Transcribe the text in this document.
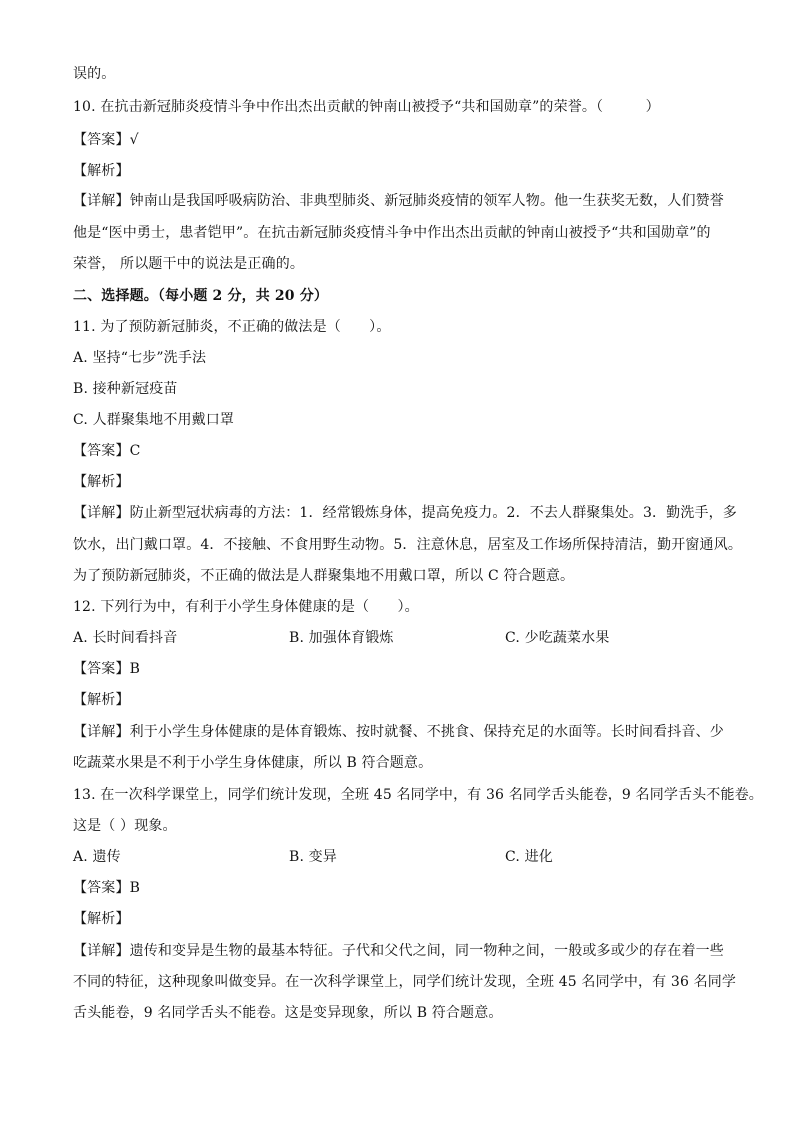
误的。
10. 在抗击新冠肺炎疫情斗争中作出杰出贡献的钟南山被授予“共和国勋章”的荣誉。（　　　）
【答案】√
【解析】
【详解】钟南山是我国呼吸病防治、非典型肺炎、新冠肺炎疫情的领军人物。他一生获奖无数，人们赞誉
他是“医中勇士，患者铠甲”。在抗击新冠肺炎疫情斗争中作出杰出贡献的钟南山被授予“共和国勋章”的
荣誉， 所以题干中的说法是正确的。
二、选择题。（每小题 2 分，共 20 分）
11. 为了预防新冠肺炎，不正确的做法是（　　）。
A. 坚持“七步”洗手法
B. 接种新冠疫苗
C. 人群聚集地不用戴口罩
【答案】C
【解析】
【详解】防止新型冠状病毒的方法：1．经常锻炼身体，提高免疫力。2．不去人群聚集处。3．勤洗手，多
饮水，出门戴口罩。4．不接触、不食用野生动物。5．注意休息，居室及工作场所保持清洁，勤开窗通风。
为了预防新冠肺炎，不正确的做法是人群聚集地不用戴口罩，所以 C 符合题意。
12. 下列行为中，有利于小学生身体健康的是（　　）。
A. 长时间看抖音	B. 加强体育锻炼	C. 少吃蔬菜水果
【答案】B
【解析】
【详解】利于小学生身体健康的是体育锻炼、按时就餐、不挑食、保持充足的水面等。长时间看抖音、少
吃蔬菜水果是不利于小学生身体健康，所以 B 符合题意。
13. 在一次科学课堂上，同学们统计发现，全班 45 名同学中，有 36 名同学舌头能卷，9 名同学舌头不能卷。
这是（ ）现象。
A. 遗传	B. 变异	C. 进化
【答案】B
【解析】
【详解】遗传和变异是生物的最基本特征。子代和父代之间，同一物种之间，一般或多或少的存在着一些
不同的特征，这种现象叫做变异。在一次科学课堂上，同学们统计发现，全班 45 名同学中，有 36 名同学
舌头能卷，9 名同学舌头不能卷。这是变异现象，所以 B 符合题意。
